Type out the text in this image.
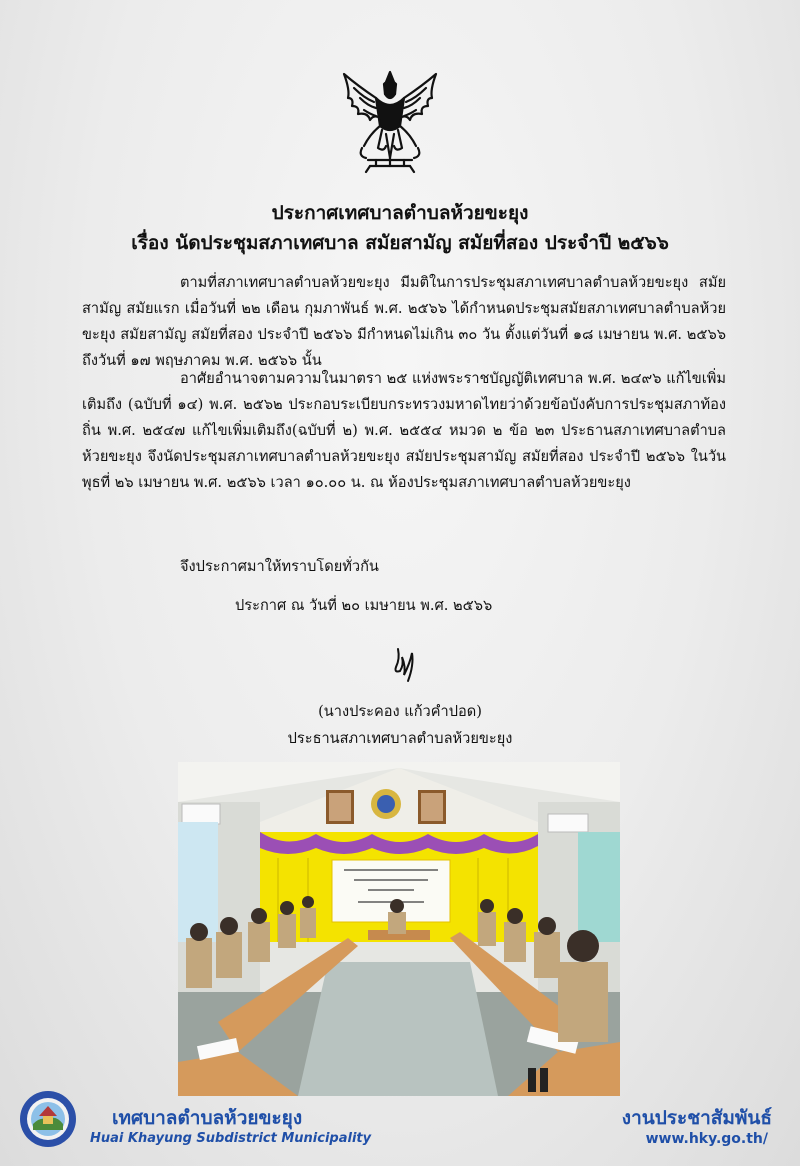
ประกาศเทศบาลตำบลห้วยขะยุง
เรื่อง นัดประชุมสภาเทศบาล สมัยสามัญ สมัยที่สอง ประจำปี ๒๕๖๖
ตามที่สภาเทศบาลตำบลห้วยขะยุง มีมติในการประชุมสภาเทศบาลตำบลห้วยขะยุง สมัยสามัญ สมัยแรก เมื่อวันที่ ๒๒ เดือน กุมภาพันธ์ พ.ศ. ๒๕๖๖ ได้กำหนดประชุมสมัยสภาเทศบาลตำบลห้วยขะยุง สมัยสามัญ สมัยที่สอง ประจำปี ๒๕๖๖ มีกำหนดไม่เกิน ๓๐ วัน ตั้งแต่วันที่ ๑๘ เมษายน พ.ศ. ๒๕๖๖ ถึงวันที่ ๑๗ พฤษภาคม พ.ศ. ๒๕๖๖ นั้น
อาศัยอำนาจตามความในมาตรา ๒๕ แห่งพระราชบัญญัติเทศบาล พ.ศ. ๒๔๙๖ แก้ไขเพิ่มเติมถึง (ฉบับที่ ๑๔) พ.ศ. ๒๕๖๒ ประกอบระเบียบกระทรวงมหาดไทยว่าด้วยข้อบังคับการประชุมสภาท้องถิ่น พ.ศ. ๒๕๔๗ แก้ไขเพิ่มเติมถึง(ฉบับที่ ๒) พ.ศ. ๒๕๕๔ หมวด ๒ ข้อ ๒๓ ประธานสภาเทศบาลตำบลห้วยขะยุง จึงนัดประชุมสภาเทศบาลตำบลห้วยขะยุง สมัยประชุมสามัญ สมัยที่สอง ประจำปี ๒๕๖๖ ในวันพุธที่ ๒๖ เมษายน พ.ศ. ๒๕๖๖ เวลา ๑๐.๐๐ น. ณ ห้องประชุมสภาเทศบาลตำบลห้วยขะยุง
จึงประกาศมาให้ทราบโดยทั่วกัน
ประกาศ ณ วันที่ ๒๐ เมษายน พ.ศ. ๒๕๖๖
(นางประคอง แก้วคำปอด)
ประธานสภาเทศบาลตำบลห้วยขะยุง
เทศบาลตำบลห้วยขะยุง
Huai Khayung Subdistrict Municipality
งานประชาสัมพันธ์
www.hky.go.th/
